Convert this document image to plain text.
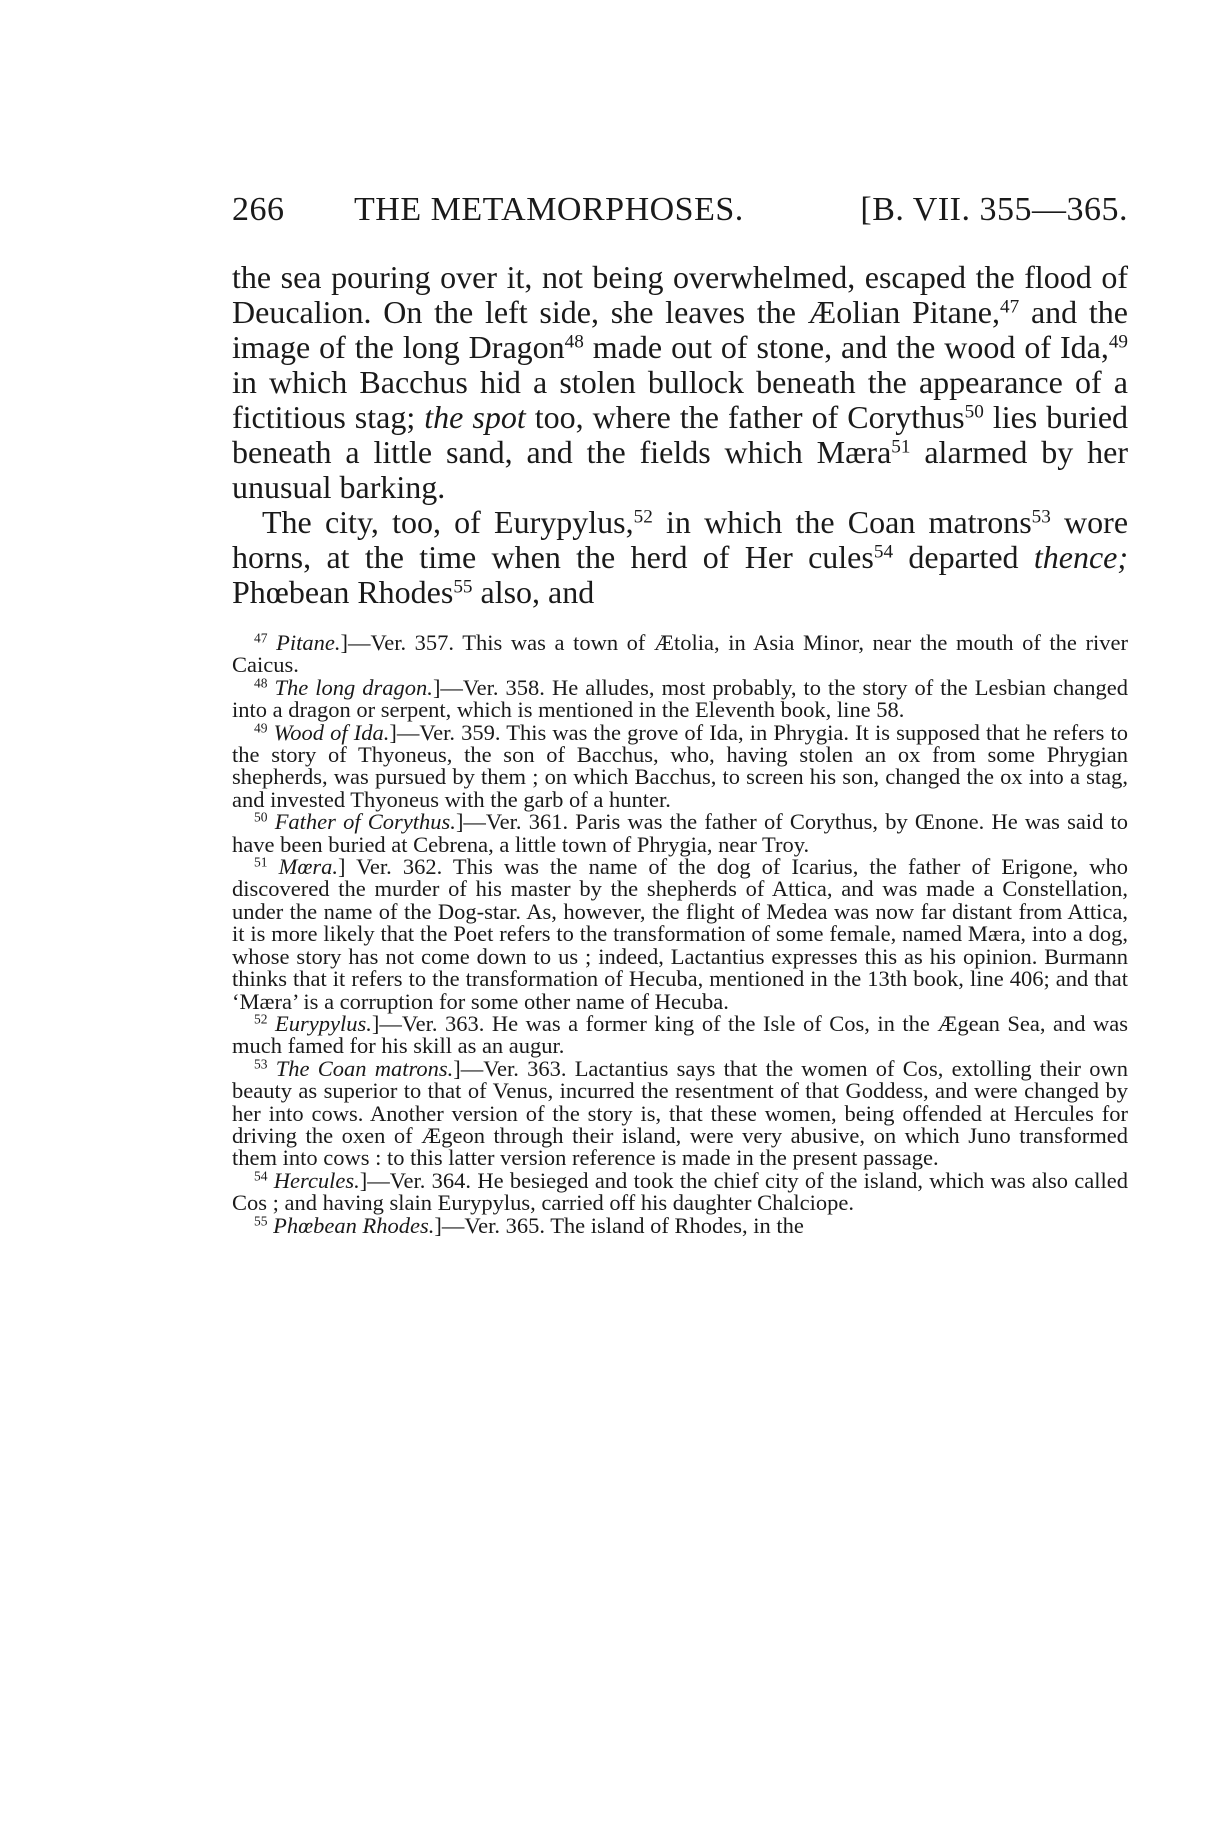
266 THE METAMORPHOSES.	[B. VII. 355—365.

the sea pouring over it, not being overwhelmed, escaped the flood of Deucalion. On the left side, she leaves the Æolian Pitane,$^{47}$ and the image of the long Dragon$^{48}$ made out of stone, and the wood of Ida,$^{49}$ in which Bacchus hid a stolen bullock beneath the appearance of a fictitious stag; the spot too, where the father of Corythus$^{50}$ lies buried beneath a little sand, and the fields which Mæra$^{51}$ alarmed by her unusual barking.

The city, too, of Eurypylus,$^{52}$ in which the Coan matrons$^{53}$ wore horns, at the time when the herd of Her cules$^{54}$ departed thence; Phœbean Rhodes$^{55}$ also, and

$^{47}$ Pitane.]—Ver. 357. This was a town of Ætolia, in Asia Minor, near the mouth of the river Caicus.

$^{48}$ The long dragon.]—Ver. 358. He alludes, most probably, to the story of the Lesbian changed into a dragon or serpent, which is mentioned in the Eleventh book, line 58.

$^{49}$ Wood of Ida.]—Ver. 359. This was the grove of Ida, in Phrygia. It is supposed that he refers to the story of Thyoneus, the son of Bacchus, who, having stolen an ox from some Phrygian shepherds, was pursued by them ; on which Bacchus, to screen his son, changed the ox into a stag, and invested Thyoneus with the garb of a hunter.

$^{50}$ Father of Corythus.]—Ver. 361. Paris was the father of Corythus, by Œnone. He was said to have been buried at Cebrena, a little town of Phrygia, near Troy.

$^{51}$ Mœra.] Ver. 362. This was the name of the dog of Icarius, the father of Erigone, who discovered the murder of his master by the shepherds of Attica, and was made a Constellation, under the name of the Dog-star. As, however, the flight of Medea was now far distant from Attica, it is more likely that the Poet refers to the transformation of some female, named Mæra, into a dog, whose story has not come down to us ; indeed, Lactantius expresses this as his opinion. Burmann thinks that it refers to the transformation of Hecuba, mentioned in the 13th book, line 406; and that ‘Mæra’ is a corruption for some other name of Hecuba.

$^{52}$ Eurypylus.]—Ver. 363. He was a former king of the Isle of Cos, in the Ægean Sea, and was much famed for his skill as an augur.

$^{53}$ The Coan matrons.]—Ver. 363. Lactantius says that the women of Cos, extolling their own beauty as superior to that of Venus, incurred the resentment of that Goddess, and were changed by her into cows. Another version of the story is, that these women, being offended at Hercules for driving the oxen of Ægeon through their island, were very abusive, on which Juno transformed them into cows : to this latter version reference is made in the present passage.

$^{54}$ Hercules.]—Ver. 364. He besieged and took the chief city of the island, which was also called Cos ; and having slain Eurypylus, carried off his daughter Chalciope.

$^{55}$ Phœbean Rhodes.]—Ver. 365. The island of Rhodes, in the
